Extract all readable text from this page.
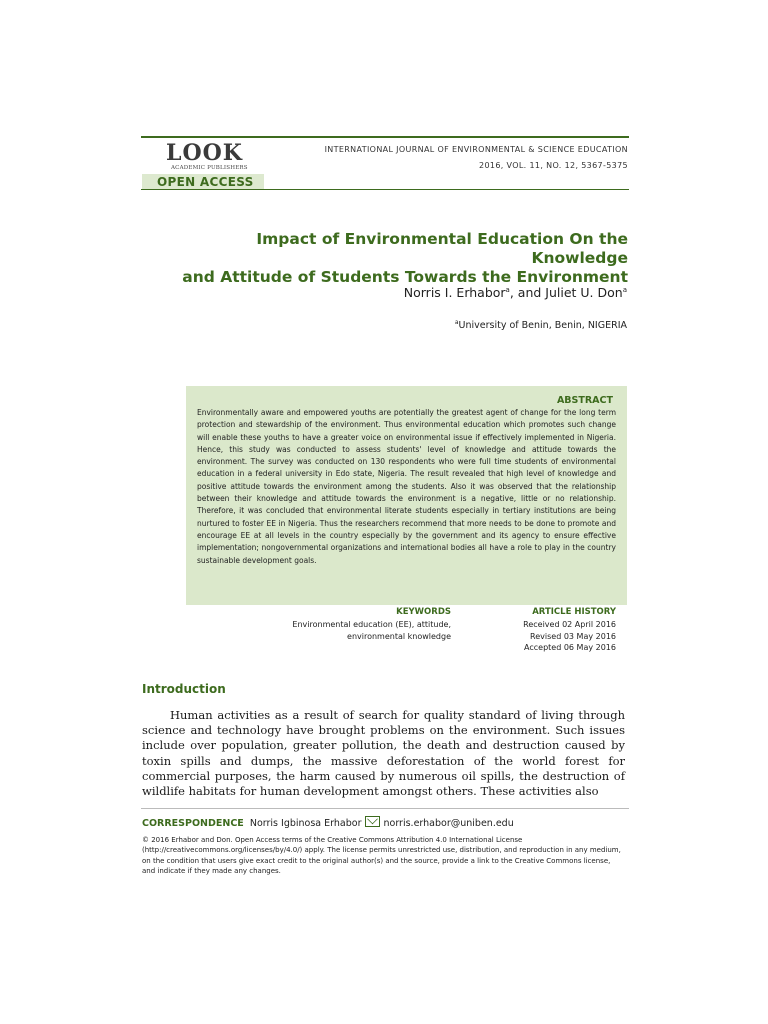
LOOK
ACADEMIC PUBLISHERS
OPEN ACCESS
INTERNATIONAL JOURNAL OF ENVIRONMENTAL & SCIENCE EDUCATION
2016, VOL. 11, NO. 12, 5367-5375
Impact of Environmental Education On the Knowledge
and Attitude of Students Towards the Environment
Norris I. Erhabor$^a$, and Juliet U. Don$^a$
$^a$University of Benin, Benin, NIGERIA
ABSTRACT
Environmentally aware and empowered youths are potentially the greatest agent of change for the long term protection and stewardship of the environment. Thus environmental education which promotes such change will enable these youths to have a greater voice on environmental issue if effectively implemented in Nigeria. Hence, this study was conducted to assess students' level of knowledge and attitude towards the environment. The survey was conducted on 130 respondents who were full time students of environmental education in a federal university in Edo state, Nigeria. The result revealed that high level of knowledge and positive attitude towards the environment among the students. Also it was observed that the relationship between their knowledge and attitude towards the environment is a negative, little or no relationship. Therefore, it was concluded that environmental literate students especially in tertiary institutions are being nurtured to foster EE in Nigeria. Thus the researchers recommend that more needs to be done to promote and encourage EE at all levels in the country especially by the government and its agency to ensure effective implementation; nongovernmental organizations and international bodies all have a role to play in the country sustainable development goals.
KEYWORDS
Environmental education (EE), attitude,
environmental knowledge
ARTICLE HISTORY
Received 02 April 2016
Revised 03 May 2016
Accepted 06 May 2016
Introduction
Human activities as a result of search for quality standard of living through science and technology have brought problems on the environment. Such issues include over population, greater pollution, the death and destruction caused by toxin spills and dumps, the massive deforestation of the world forest for commercial purposes, the harm caused by numerous oil spills, the destruction of wildlife habitats for human development amongst others. These activities also
CORRESPONDENCE Norris Igbinosa Erhabor norris.erhabor@uniben.edu
© 2016 Erhabor and Don. Open Access terms of the Creative Commons Attribution 4.0 International License (http://creativecommons.org/licenses/by/4.0/) apply. The license permits unrestricted use, distribution, and reproduction in any medium, on the condition that users give exact credit to the original author(s) and the source, provide a link to the Creative Commons license, and indicate if they made any changes.
